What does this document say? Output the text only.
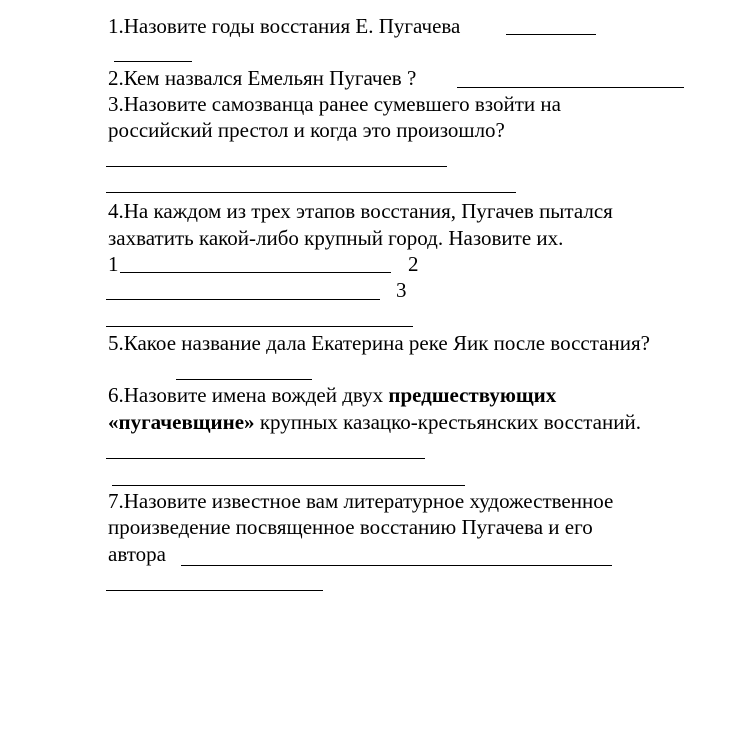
1.Назовите годы восстания Е. Пугачева
2.Кем назвался Емельян Пугачев ?
3.Назовите самозванца ранее сумевшего взойти на
российский престол и когда это произошло?
4.На каждом из трех этапов восстания, Пугачев пытался
захватить какой-либо крупный город. Назовите их.
1	2
3
5.Какое название дала Екатерина реке Яик после восстания?
6.Назовите имена вождей двух предшествующих
«пугачевщине» крупных казацко-крестьянских восстаний.
7.Назовите известное вам литературное художественное
произведение посвященное восстанию Пугачева и его
автора
